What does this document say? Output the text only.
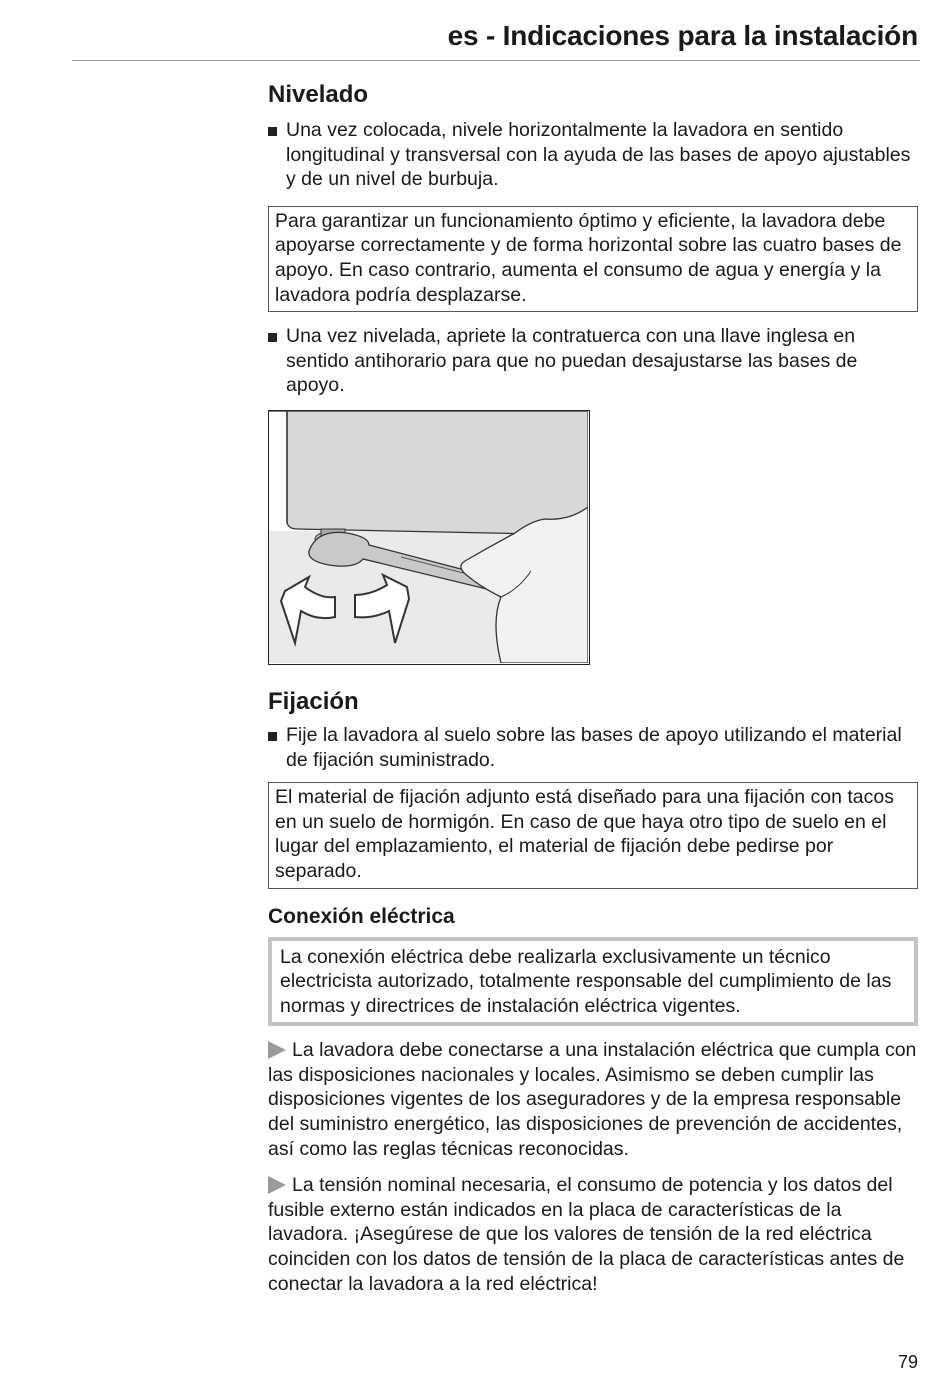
es - Indicaciones para la instalación
Nivelado

Una vez colocada, nivele horizontalmente la lavadora en sentido longitudinal y transversal con la ayuda de las bases de apoyo ajustables y de un nivel de burbuja.

Para garantizar un funcionamiento óptimo y eficiente, la lavadora debe apoyarse correctamente y de forma horizontal sobre las cuatro bases de apoyo. En caso contrario, aumenta el consumo de agua y energía y la lavadora podría desplazarse.

Una vez nivelada, apriete la contratuerca con una llave inglesa en sentido antihorario para que no puedan desajustarse las bases de apoyo.

Fijación

Fije la lavadora al suelo sobre las bases de apoyo utilizando el material de fijación suministrado.

El material de fijación adjunto está diseñado para una fijación con tacos en un suelo de hormigón. En caso de que haya otro tipo de suelo en el lugar del emplazamiento, el material de fijación debe pedirse por separado.
Conexión eléctrica
La conexión eléctrica debe realizarla exclusivamente un técnico electricista autorizado, totalmente responsable del cumplimiento de las normas y directrices de instalación eléctrica vigentes.

La lavadora debe conectarse a una instalación eléctrica que cumpla con las disposiciones nacionales y locales. Asimismo se deben cumplir las disposiciones vigentes de los aseguradores y de la empresa responsable del suministro energético, las disposiciones de prevención de accidentes, así como las reglas técnicas reconocidas.

La tensión nominal necesaria, el consumo de potencia y los datos del fusible externo están indicados en la placa de características de la lavadora. ¡Asegúrese de que los valores de tensión de la red eléctrica coinciden con los datos de tensión de la placa de características antes de conectar la lavadora a la red eléctrica!

79
